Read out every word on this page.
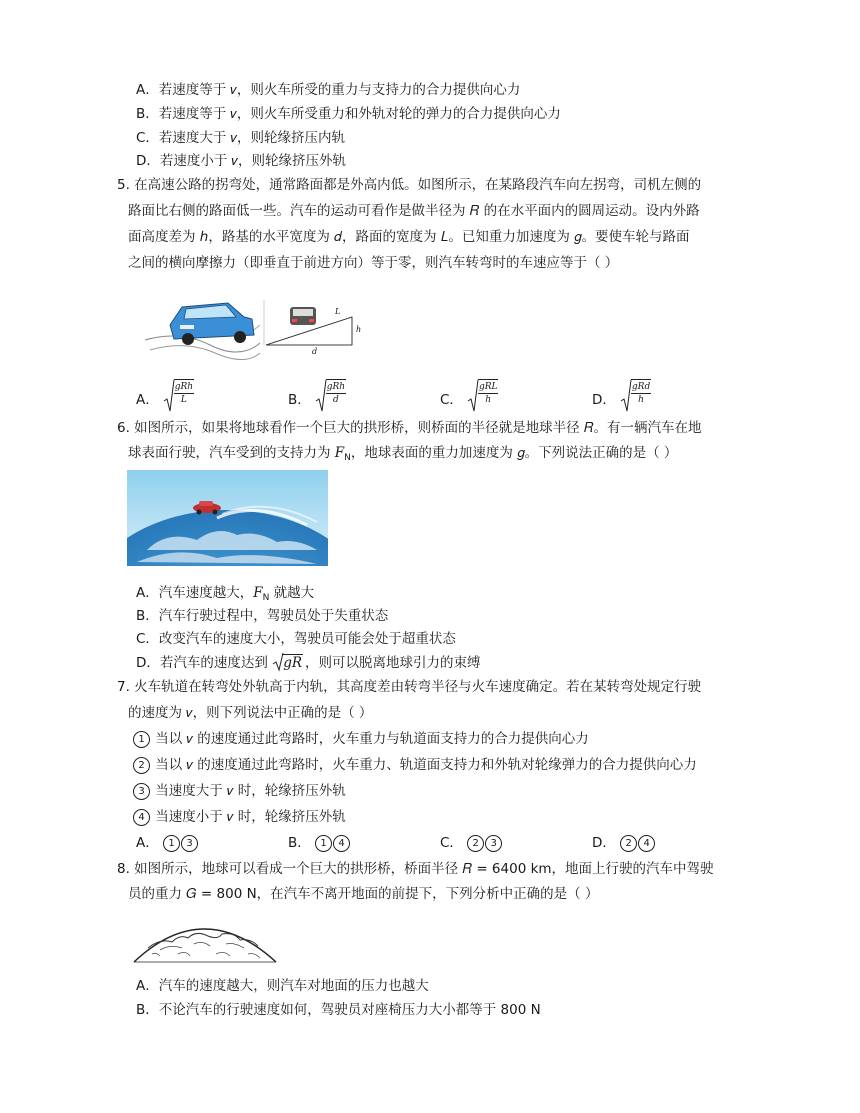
A．若速度等于 𝑣，则火车所受的重力与支持力的合力提供向心力
B．若速度等于 𝑣，则火车所受重力和外轨对轮的弹力的合力提供向心力
C．若速度大于 𝑣，则轮缘挤压内轨
D．若速度小于 𝑣，则轮缘挤压外轨
5. 在高速公路的拐弯处，通常路面都是外高内低。如图所示，在某路段汽车向左拐弯，司机左侧的
路面比右侧的路面低一些。汽车的运动可看作是做半径为 𝑅 的在水平面内的圆周运动。设内外路
面高度差为 ℎ，路基的水平宽度为 𝑑，路面的宽度为 𝐿。已知重力加速度为 𝑔。要使车轮与路面
之间的横向摩擦力（即垂直于前进方向）等于零，则汽车转弯时的车速应等于（ ）
L
h
d
A．
gRh
L	B．
gRh
d	C．
gRL
h	D．
gRd
h
6. 如图所示，如果将地球看作一个巨大的拱形桥，则桥面的半径就是地球半径 𝑅。有一辆汽车在地
球表面行驶，汽车受到的支持力为 $F_N$，地球表面的重力加速度为 𝑔。下列说法正确的是（ ）
A．汽车速度越大，$F_N$ 就越大
B．汽车行驶过程中，驾驶员处于失重状态
C．改变汽车的速度大小，驾驶员可能会处于超重状态
D．若汽车的速度达到
gR ，则可以脱离地球引力的束缚
7. 火车轨道在转弯处外轨高于内轨，其高度差由转弯半径与火车速度确定。若在某转弯处规定行驶
的速度为 𝑣，则下列说法中正确的是（ ）
1 当以 𝑣 的速度通过此弯路时，火车重力与轨道面支持力的合力提供向心力
2 当以 𝑣 的速度通过此弯路时，火车重力、轨道面支持力和外轨对轮缘弹力的合力提供向心力
3 当速度大于 𝑣 时，轮缘挤压外轨
4 当速度小于 𝑣 时，轮缘挤压外轨
A． 1 3	B． 1 4	C． 2 3	D． 2 4
8. 如图所示，地球可以看成一个巨大的拱形桥，桥面半径 𝑅 = 6400 km，地面上行驶的汽车中驾驶
员的重力 𝐺 = 800 N，在汽车不离开地面的前提下，下列分析中正确的是（ ）
A．汽车的速度越大，则汽车对地面的压力也越大
B．不论汽车的行驶速度如何，驾驶员对座椅压力大小都等于 800 N
